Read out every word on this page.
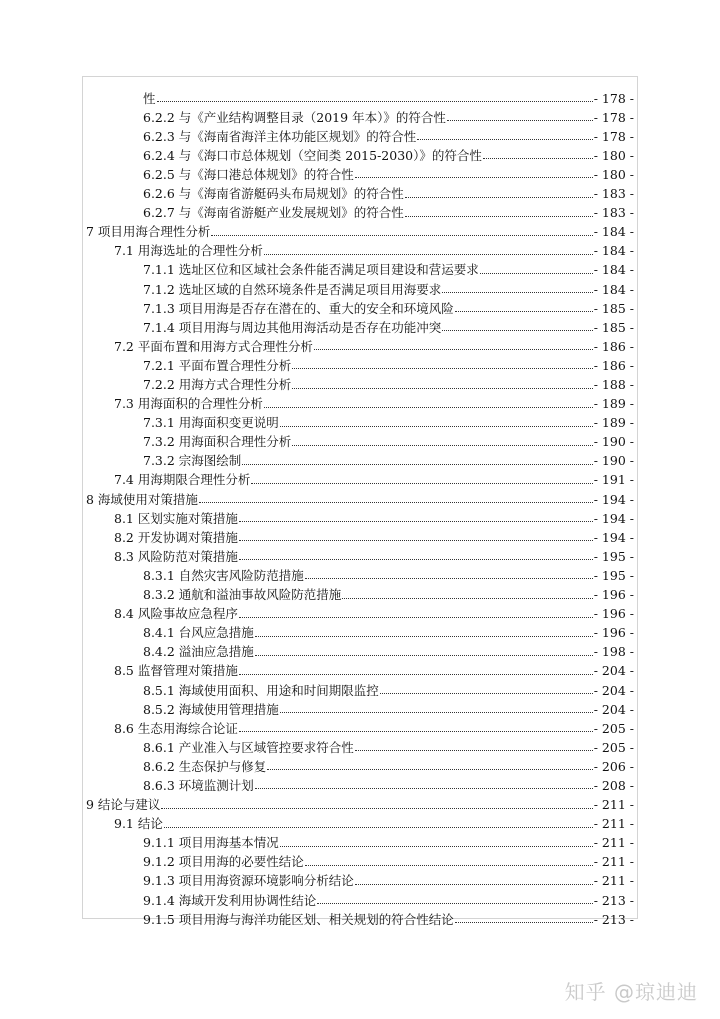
性	- 178 -
6.2.2 与《产业结构调整目录（2019 年本）》的符合性	- 178 -
6.2.3 与《海南省海洋主体功能区规划》的符合性	- 178 -
6.2.4 与《海口市总体规划（空间类 2015-2030）》的符合性	- 180 -
6.2.5 与《海口港总体规划》的符合性	- 180 -
6.2.6 与《海南省游艇码头布局规划》的符合性	- 183 -
6.2.7 与《海南省游艇产业发展规划》的符合性	- 183 -
7 项目用海合理性分析	- 184 -
7.1 用海选址的合理性分析	- 184 -
7.1.1 选址区位和区域社会条件能否满足项目建设和营运要求	- 184 -
7.1.2 选址区域的自然环境条件是否满足项目用海要求	- 184 -
7.1.3 项目用海是否存在潜在的、重大的安全和环境风险	- 185 -
7.1.4 项目用海与周边其他用海活动是否存在功能冲突	- 185 -
7.2 平面布置和用海方式合理性分析	- 186 -
7.2.1 平面布置合理性分析	- 186 -
7.2.2 用海方式合理性分析	- 188 -
7.3 用海面积的合理性分析	- 189 -
7.3.1 用海面积变更说明	- 189 -
7.3.2 用海面积合理性分析	- 190 -
7.3.2 宗海图绘制	- 190 -
7.4 用海期限合理性分析	- 191 -
8 海域使用对策措施	- 194 -
8.1 区划实施对策措施	- 194 -
8.2 开发协调对策措施	- 194 -
8.3 风险防范对策措施	- 195 -
8.3.1 自然灾害风险防范措施	- 195 -
8.3.2 通航和溢油事故风险防范措施	- 196 -
8.4 风险事故应急程序	- 196 -
8.4.1 台风应急措施	- 196 -
8.4.2 溢油应急措施	- 198 -
8.5 监督管理对策措施	- 204 -
8.5.1 海域使用面积、用途和时间期限监控	- 204 -
8.5.2 海域使用管理措施	- 204 -
8.6 生态用海综合论证	- 205 -
8.6.1 产业准入与区域管控要求符合性	- 205 -
8.6.2 生态保护与修复	- 206 -
8.6.3 环境监测计划	- 208 -
9 结论与建议	- 211 -
9.1 结论	- 211 -
9.1.1 项目用海基本情况	- 211 -
9.1.2 项目用海的必要性结论	- 211 -
9.1.3 项目用海资源环境影响分析结论	- 211 -
9.1.4 海域开发利用协调性结论	- 213 -
9.1.5 项目用海与海洋功能区划、相关规划的符合性结论	- 213 -
知乎 @琼迪迪
